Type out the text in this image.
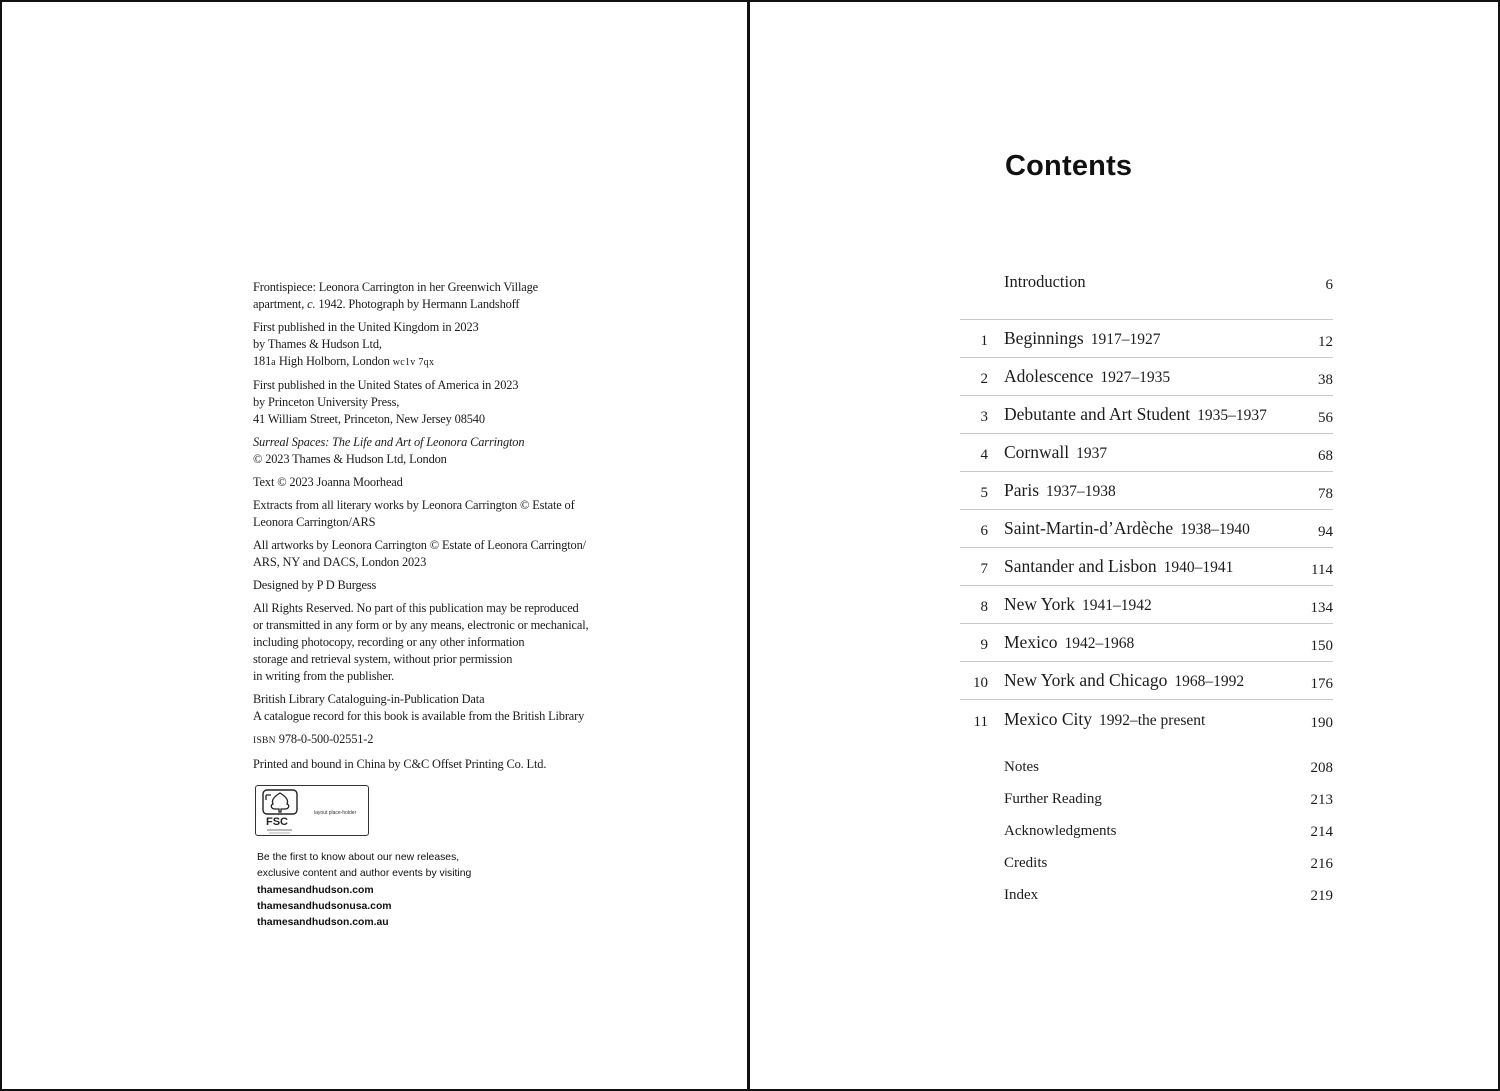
Frontispiece: Leonora Carrington in her Greenwich Village
apartment, c. 1942. Photograph by Hermann Landshoff

First published in the United Kingdom in 2023
by Thames & Hudson Ltd,
181a High Holborn, London wc1v 7qx

First published in the United States of America in 2023
by Princeton University Press,
41 William Street, Princeton, New Jersey 08540

Surreal Spaces: The Life and Art of Leonora Carrington
© 2023 Thames & Hudson Ltd, London

Text © 2023 Joanna Moorhead

Extracts from all literary works by Leonora Carrington © Estate of
Leonora Carrington/ARS

All artworks by Leonora Carrington © Estate of Leonora Carrington/
ARS, NY and DACS, London 2023

Designed by P D Burgess

All Rights Reserved. No part of this publication may be reproduced
or transmitted in any form or by any means, electronic or mechanical,
including photocopy, recording or any other information
storage and retrieval system, without prior permission
in writing from the publisher.

British Library Cataloguing-in-Publication Data
A catalogue record for this book is available from the British Library

ISBN 978-0-500-02551-2

Printed and bound in China by C&C Offset Printing Co. Ltd.

FSC
layout place-holder
Be the first to know about our new releases,
exclusive content and author events by visiting
thamesandhudson.com
thamesandhudsonusa.com
thamesandhudson.com.au
Contents
Introduction	6
1 Beginnings 1917–1927	12
2 Adolescence 1927–1935	38
3 Debutante and Art Student 1935–1937	56
4 Cornwall 1937	68
5 Paris 1937–1938	78
6 Saint-Martin-d’Ardèche 1938–1940	94
7 Santander and Lisbon 1940–1941	114
8 New York 1941–1942	134
9 Mexico 1942–1968	150
10 New York and Chicago 1968–1992	176
11 Mexico City 1992–the present	190
Notes	208
Further Reading	213
Acknowledgments	214
Credits	216
Index	219
